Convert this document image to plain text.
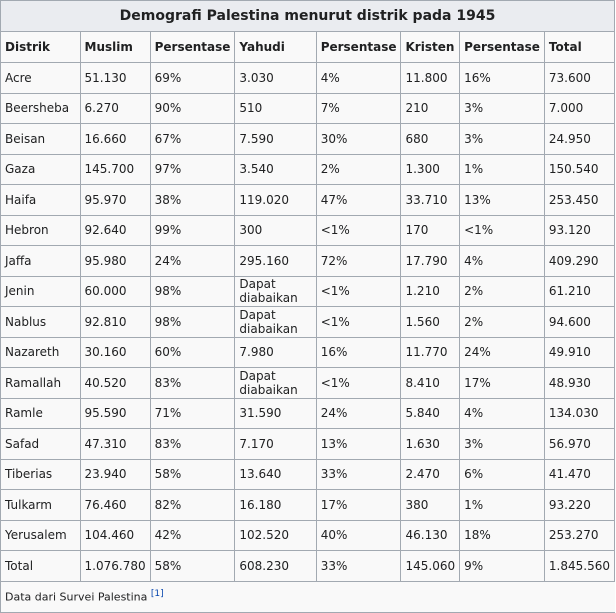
Demografi Palestina menurut distrik pada 1945							
Distrik	Muslim	Persentase	Yahudi	Persentase	Kristen	Persentase	Total
Acre	51.130	69%	3.030	4%	11.800	16%	73.600
Beersheba	6.270	90%	510	7%	210	3%	7.000
Beisan	16.660	67%	7.590	30%	680	3%	24.950
Gaza	145.700	97%	3.540	2%	1.300	1%	150.540
Haifa	95.970	38%	119.020	47%	33.710	13%	253.450
Hebron	92.640	99%	300	<1%	170	<1%	93.120
Jaffa	95.980	24%	295.160	72%	17.790	4%	409.290
Jenin	60.000	98%	Dapat diabaikan	<1%	1.210	2%	61.210
Nablus	92.810	98%	Dapat diabaikan	<1%	1.560	2%	94.600
Nazareth	30.160	60%	7.980	16%	11.770	24%	49.910
Ramallah	40.520	83%	Dapat diabaikan	<1%	8.410	17%	48.930
Ramle	95.590	71%	31.590	24%	5.840	4%	134.030
Safad	47.310	83%	7.170	13%	1.630	3%	56.970
Tiberias	23.940	58%	13.640	33%	2.470	6%	41.470
Tulkarm	76.460	82%	16.180	17%	380	1%	93.220
Yerusalem	104.460	42%	102.520	40%	46.130	18%	253.270
Total	1.076.780	58%	608.230	33%	145.060	9%	1.845.560
Data dari Survei Palestina [1]
